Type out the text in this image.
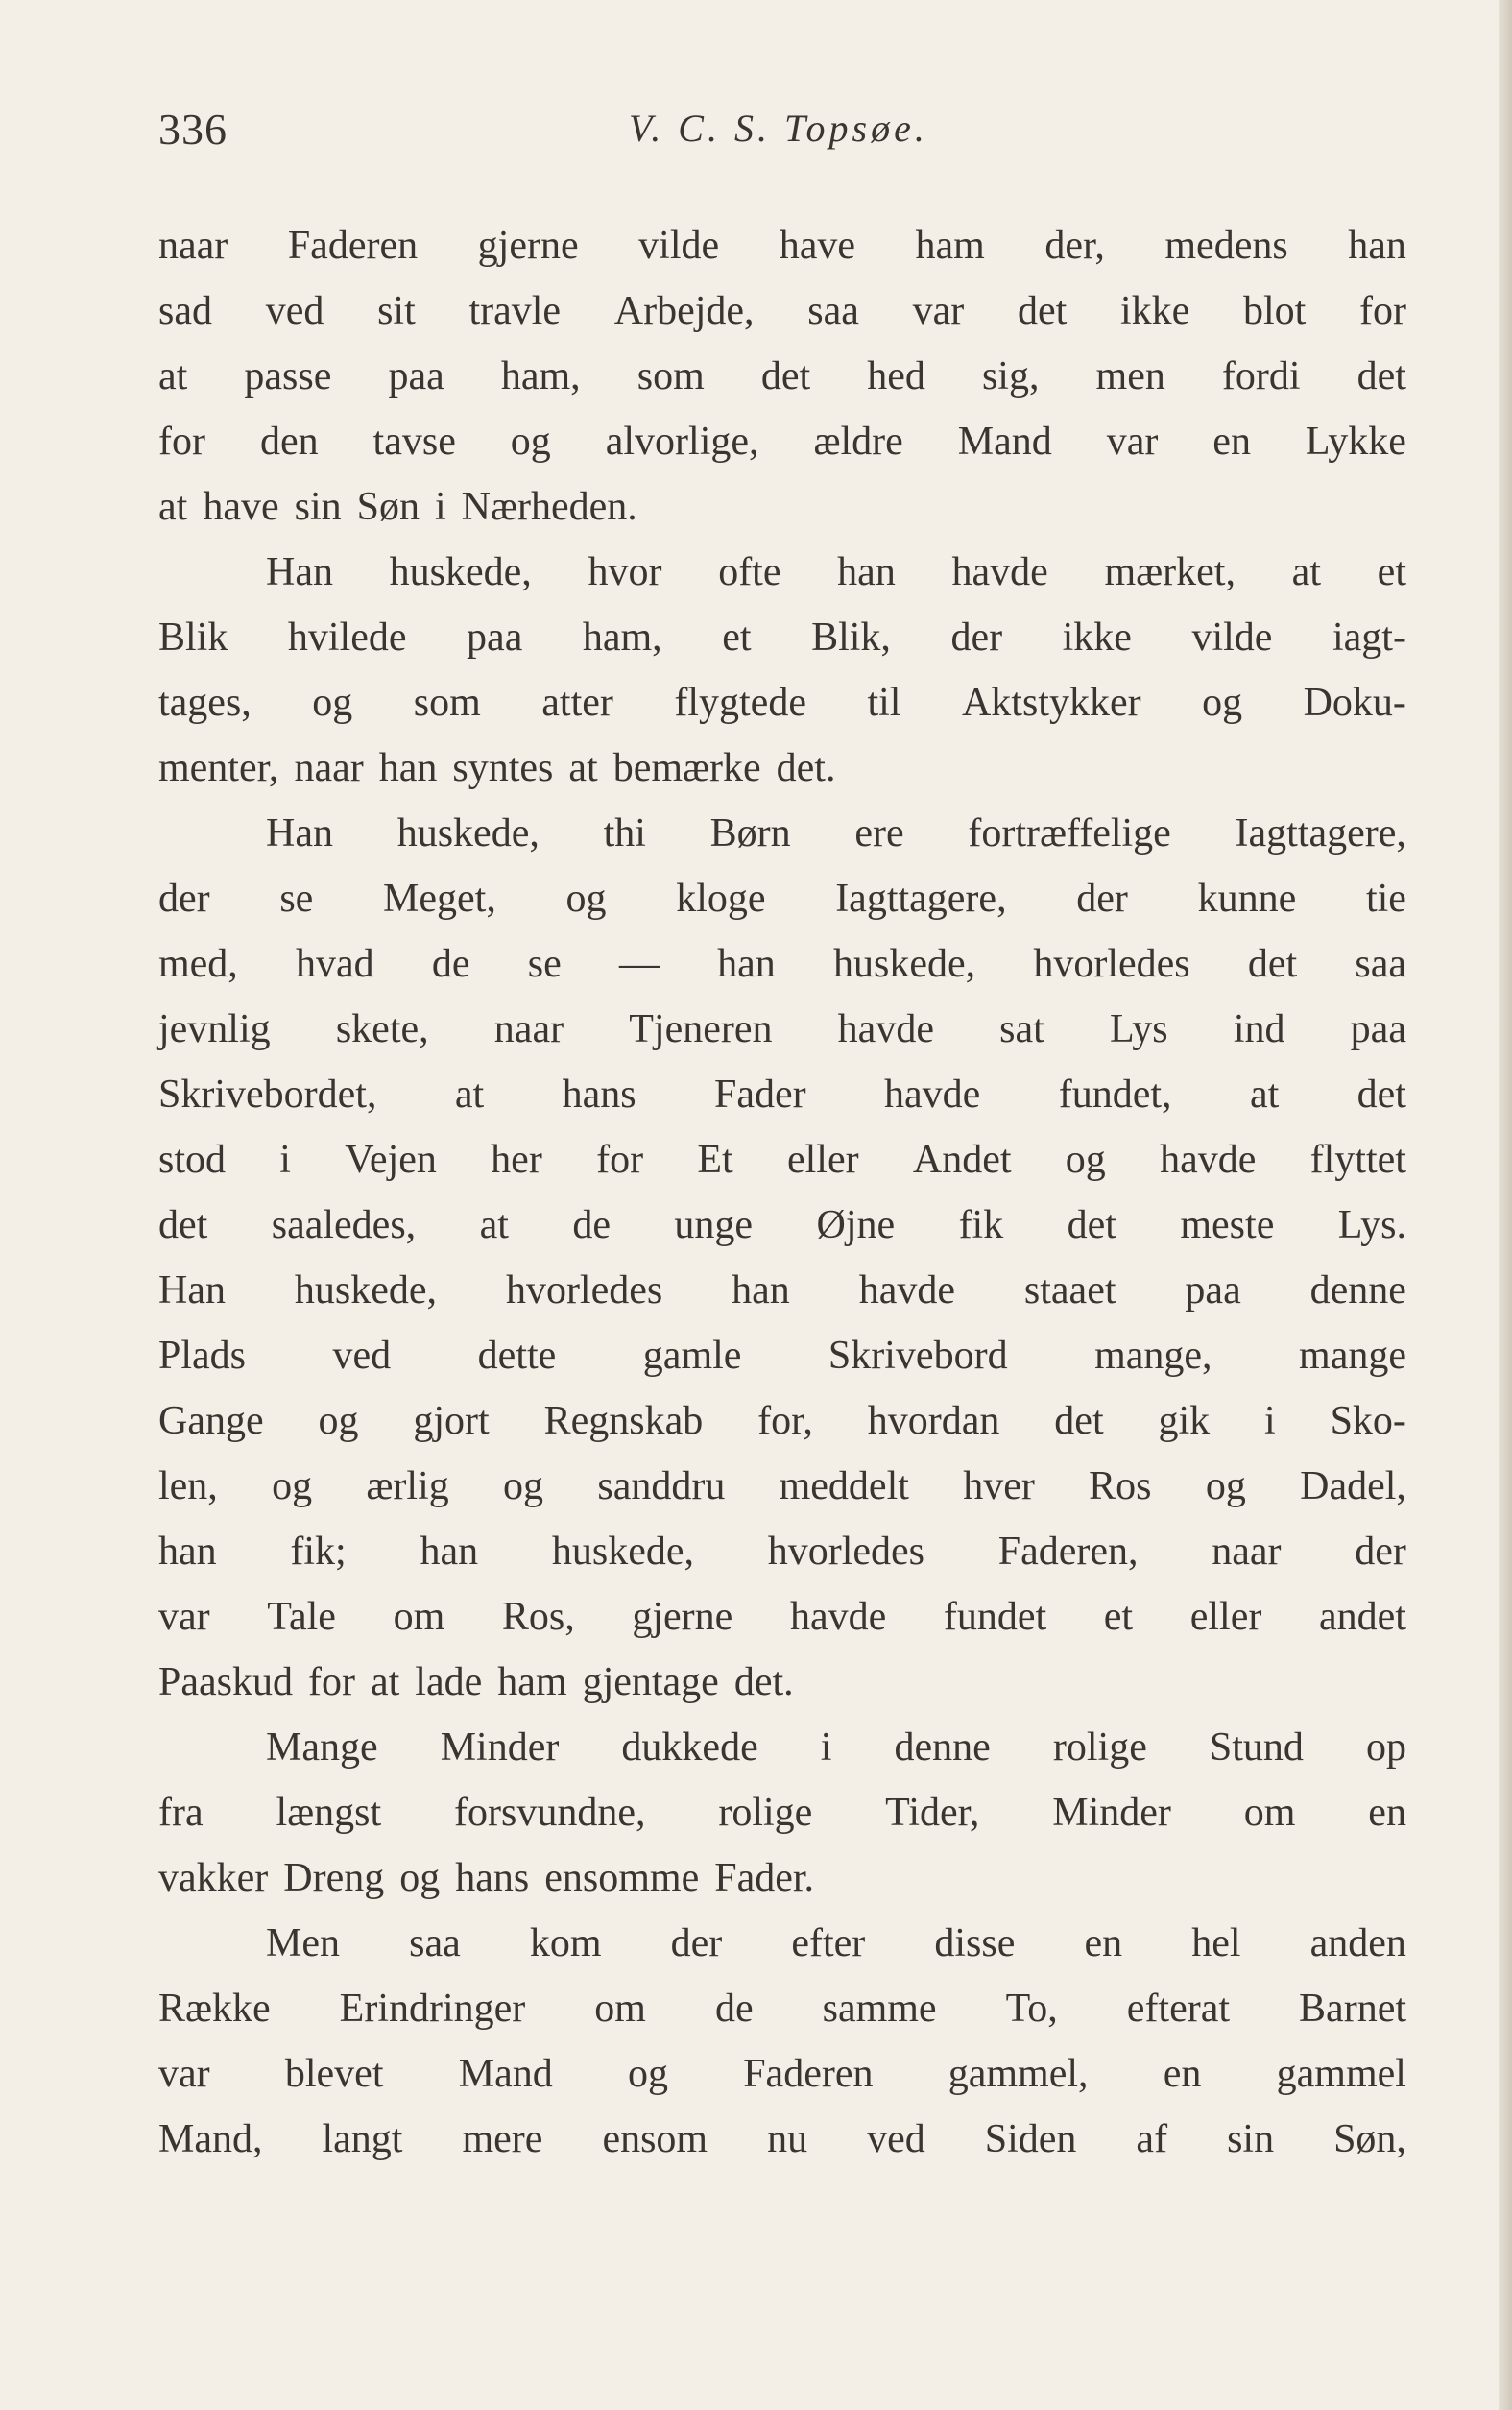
336	V. C. S. Topsøe.
naar Faderen gjerne vilde have ham der, medens han
sad ved sit travle Arbejde, saa var det ikke blot for
at passe paa ham, som det hed sig, men fordi det
for den tavse og alvorlige, ældre Mand var en Lykke
at have sin Søn i Nærheden.
Han huskede, hvor ofte han havde mærket, at et
Blik hvilede paa ham, et Blik, der ikke vilde iagt-
tages, og som atter flygtede til Aktstykker og Doku-
menter, naar han syntes at bemærke det.
Han huskede, thi Børn ere fortræffelige Iagttagere,
der se Meget, og kloge Iagttagere, der kunne tie
med, hvad de se — han huskede, hvorledes det saa
jevnlig skete, naar Tjeneren havde sat Lys ind paa
Skrivebordet, at hans Fader havde fundet, at det
stod i Vejen her for Et eller Andet og havde flyttet
det saaledes, at de unge Øjne fik det meste Lys.
Han huskede, hvorledes han havde staaet paa denne
Plads ved dette gamle Skrivebord mange, mange
Gange og gjort Regnskab for, hvordan det gik i Sko-
len, og ærlig og sanddru meddelt hver Ros og Dadel,
han fik; han huskede, hvorledes Faderen, naar der
var Tale om Ros, gjerne havde fundet et eller andet
Paaskud for at lade ham gjentage det.
Mange Minder dukkede i denne rolige Stund op
fra længst forsvundne, rolige Tider, Minder om en
vakker Dreng og hans ensomme Fader.
Men saa kom der efter disse en hel anden
Række Erindringer om de samme To, efterat Barnet
var blevet Mand og Faderen gammel, en gammel
Mand, langt mere ensom nu ved Siden af sin Søn,
